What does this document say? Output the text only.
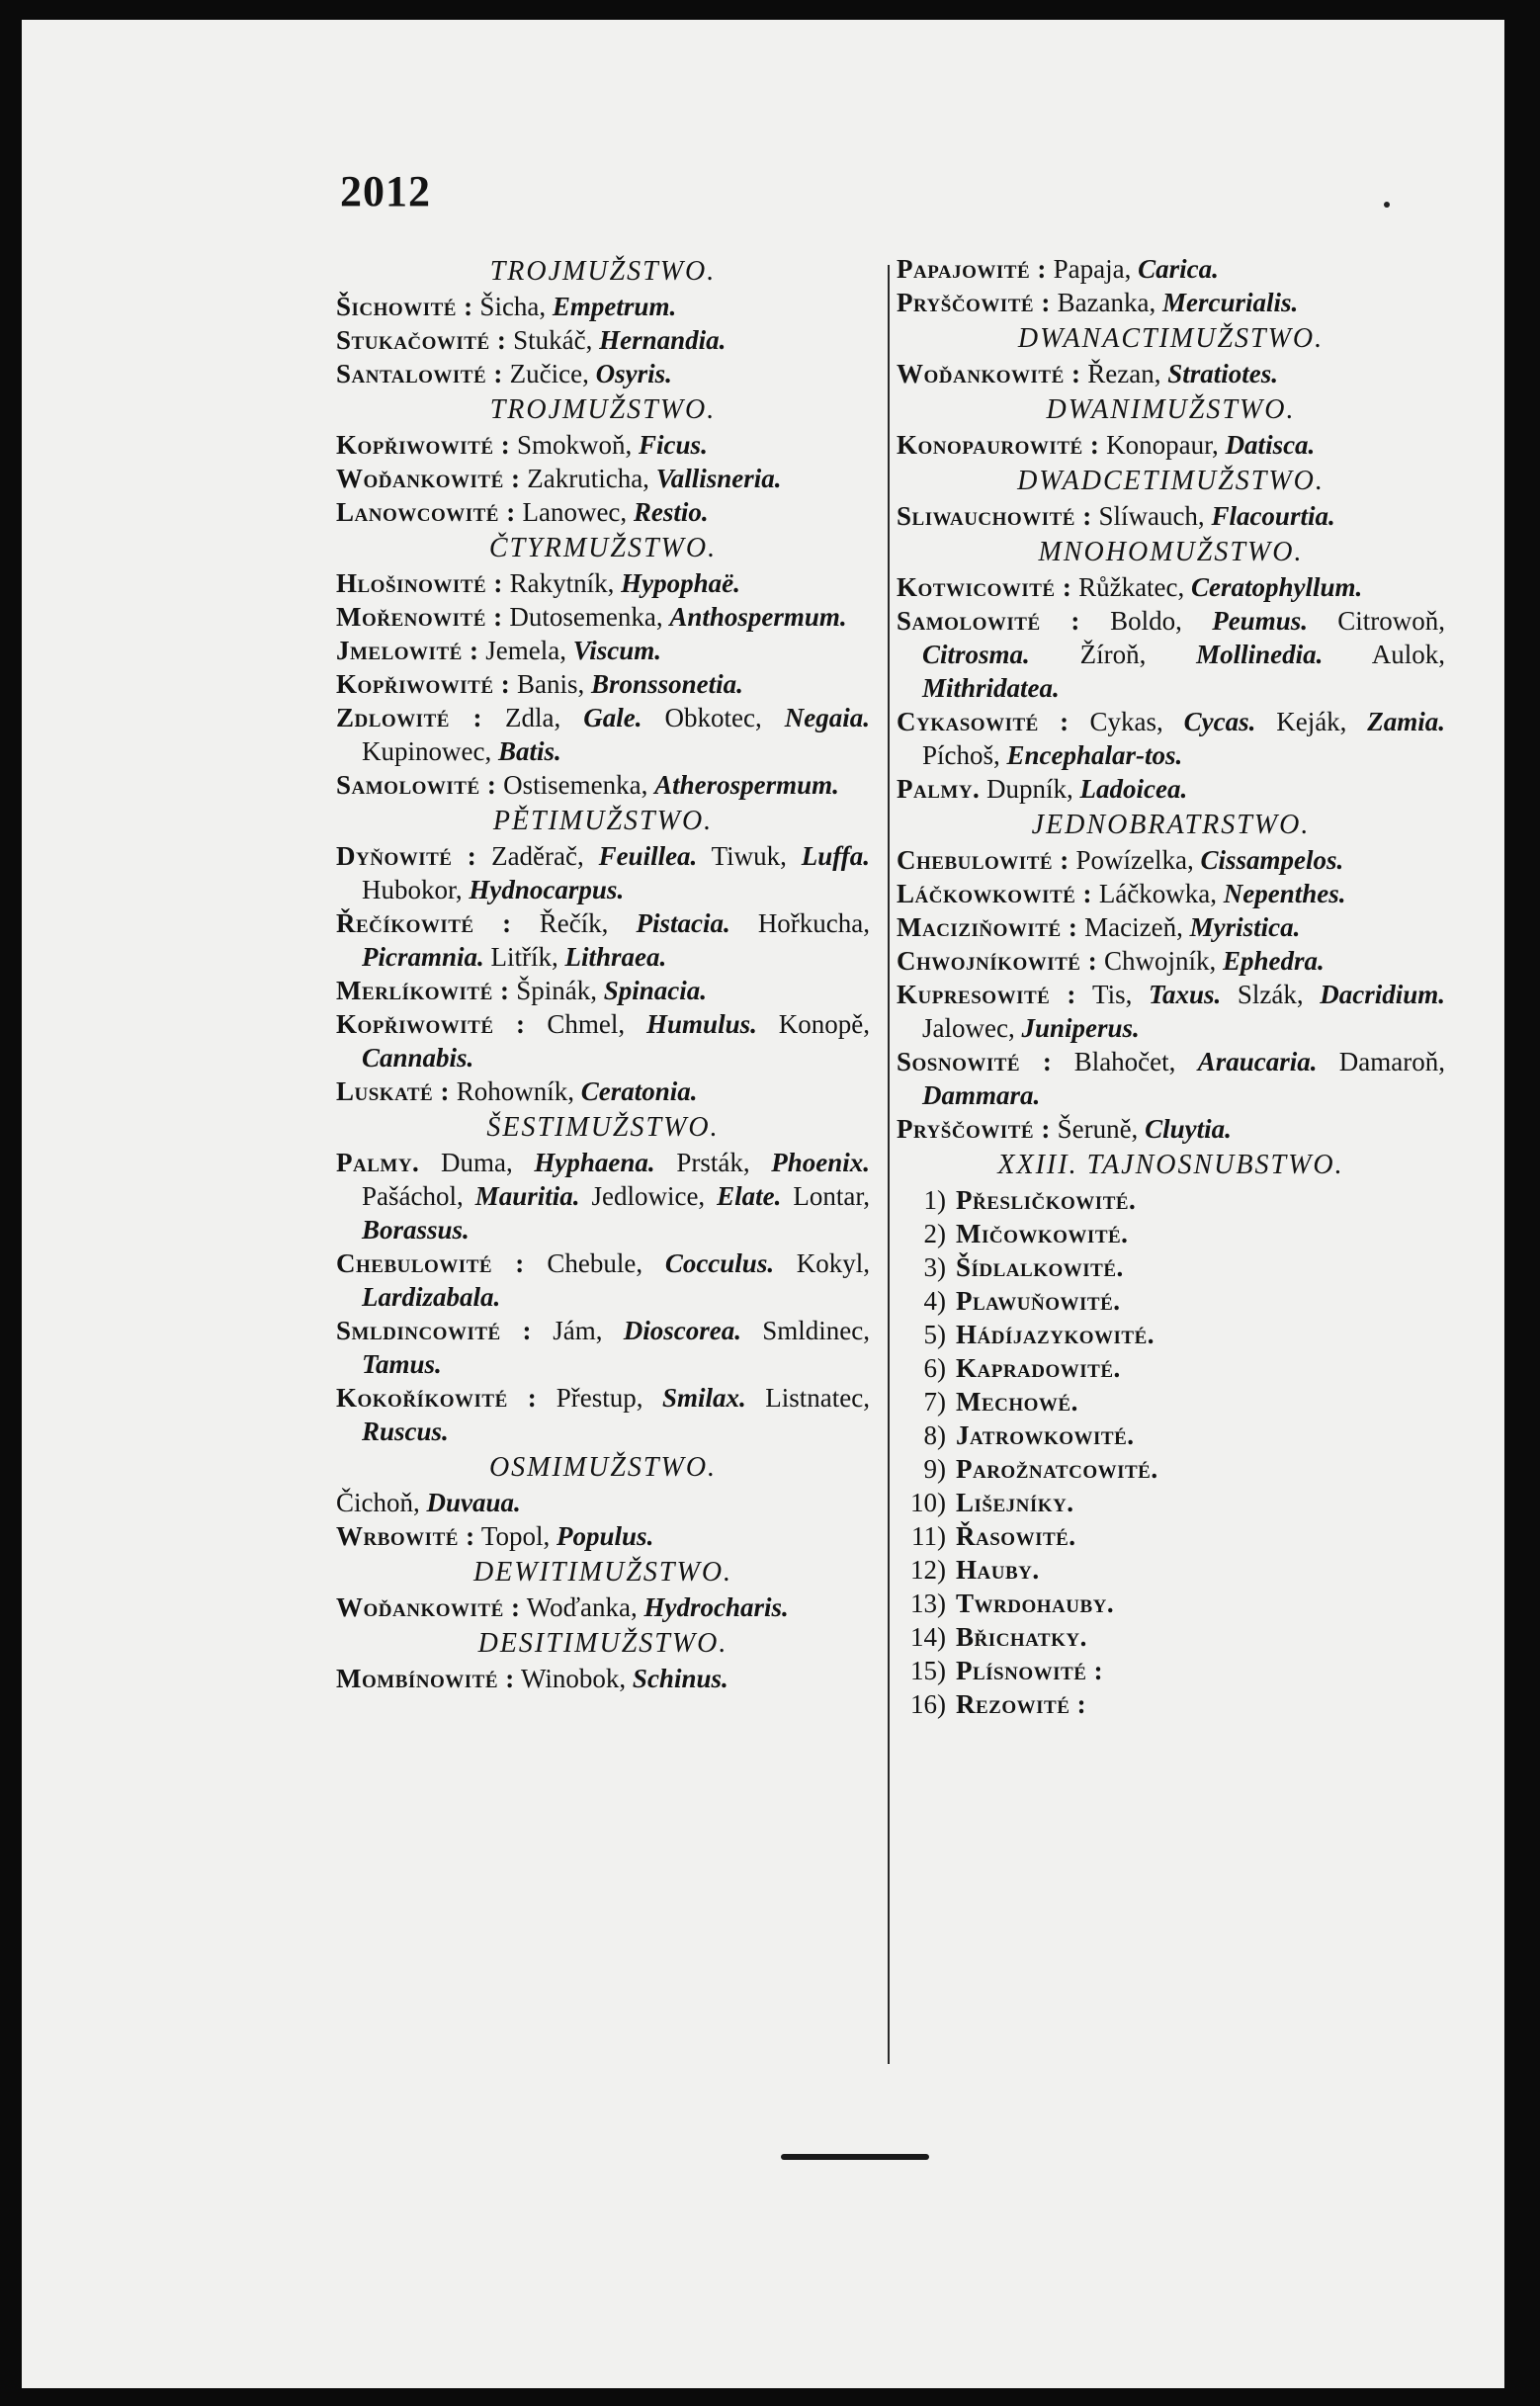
2012
TROJMUŽSTWO.
Šichowité : Šicha, Empetrum.
Stukačowité : Stukáč, Hernandia.
Santalowité : Zučice, Osyris.
TROJMUŽSTWO.
Kopřiwowité : Smokwoň, Ficus.
Woďankowité : Zakruticha, Vallisneria.
Lanowcowité : Lanowec, Restio.
ČTYRMUŽSTWO.
Hlošinowité : Rakytník, Hypophaë.
Mořenowité : Dutosemenka, Anthospermum.
Jmelowité : Jemela, Viscum.
Kopřiwowité : Banis, Bronssonetia.
Zdlowité : Zdla, Gale. Obkotec, Negaia. Kupinowec, Batis.
Samolowité : Ostisemenka, Atherospermum.
PĚTIMUŽSTWO.
Dyňowité : Zaděrač, Feuillea. Tiwuk, Luffa. Hubokor, Hydnocarpus.
Řečíkowité : Řečík, Pistacia. Hořkucha, Picramnia. Litřík, Lithraea.
Merlíkowité : Špinák, Spinacia.
Kopřiwowité : Chmel, Humulus. Konopě, Cannabis.
Luskaté : Rohowník, Ceratonia.
ŠESTIMUŽSTWO.
Palmy. Duma, Hyphaena. Prsták, Phoenix. Pašáchol, Mauritia. Jedlowice, Elate. Lontar, Borassus.
Chebulowité : Chebule, Cocculus. Kokyl, Lardizabala.
Smldincowité : Jám, Dioscorea. Smldinec, Tamus.
Kokoříkowité : Přestup, Smilax. Listnatec, Ruscus.
OSMIMUŽSTWO.
Čichoň, Duvaua.
Wrbowité : Topol, Populus.
DEWITIMUŽSTWO.
Woďankowité : Woďanka, Hydrocharis.
DESITIMUŽSTWO.
Mombínowité : Winobok, Schinus.
Papajowité : Papaja, Carica.
Pryščowité : Bazanka, Mercurialis.
DWANACTIMUŽSTWO.
Woďankowité : Řezan, Stratiotes.
DWANIMUŽSTWO.
Konopaurowité : Konopaur, Datisca.
DWADCETIMUŽSTWO.
Sliwauchowité : Slíwauch, Flacourtia.
MNOHOMUŽSTWO.
Kotwicowité : Růžkatec, Ceratophyllum.
Samolowité : Boldo, Peumus. Citrowoň, Citrosma. Žíroň, Mollinedia. Aulok, Mithridatea.
Cykasowité : Cykas, Cycas. Keják, Zamia. Píchoš, Encephalar-tos.
Palmy. Dupník, Ladoicea.
JEDNOBRATRSTWO.
Chebulowité : Powízelka, Cissampelos.
Láčkowkowité : Láčkowka, Nepenthes.
Maciziňowité : Macizeň, Myristica.
Chwojníkowité : Chwojník, Ephedra.
Kupresowité : Tis, Taxus. Slzák, Dacridium. Jalowec, Juniperus.
Sosnowité : Blahočet, Araucaria. Damaroň, Dammara.
Pryščowité : Šeruně, Cluytia.
XXIII. TAJNOSNUBSTWO.
1) Přesličkowité.
2) Mičowkowité.
3) Šídlalkowité.
4) Plawuňowité.
5) Hádíjazykowité.
6) Kapradowité.
7) Mechowé.
8) Jatrowkowité.
9) Parožnatcowité.
10) Lišejníky.
11) Řasowité.
12) Hauby.
13) Twrdohauby.
14) Břichatky.
15) Plísnowité :
16) Rezowité :
